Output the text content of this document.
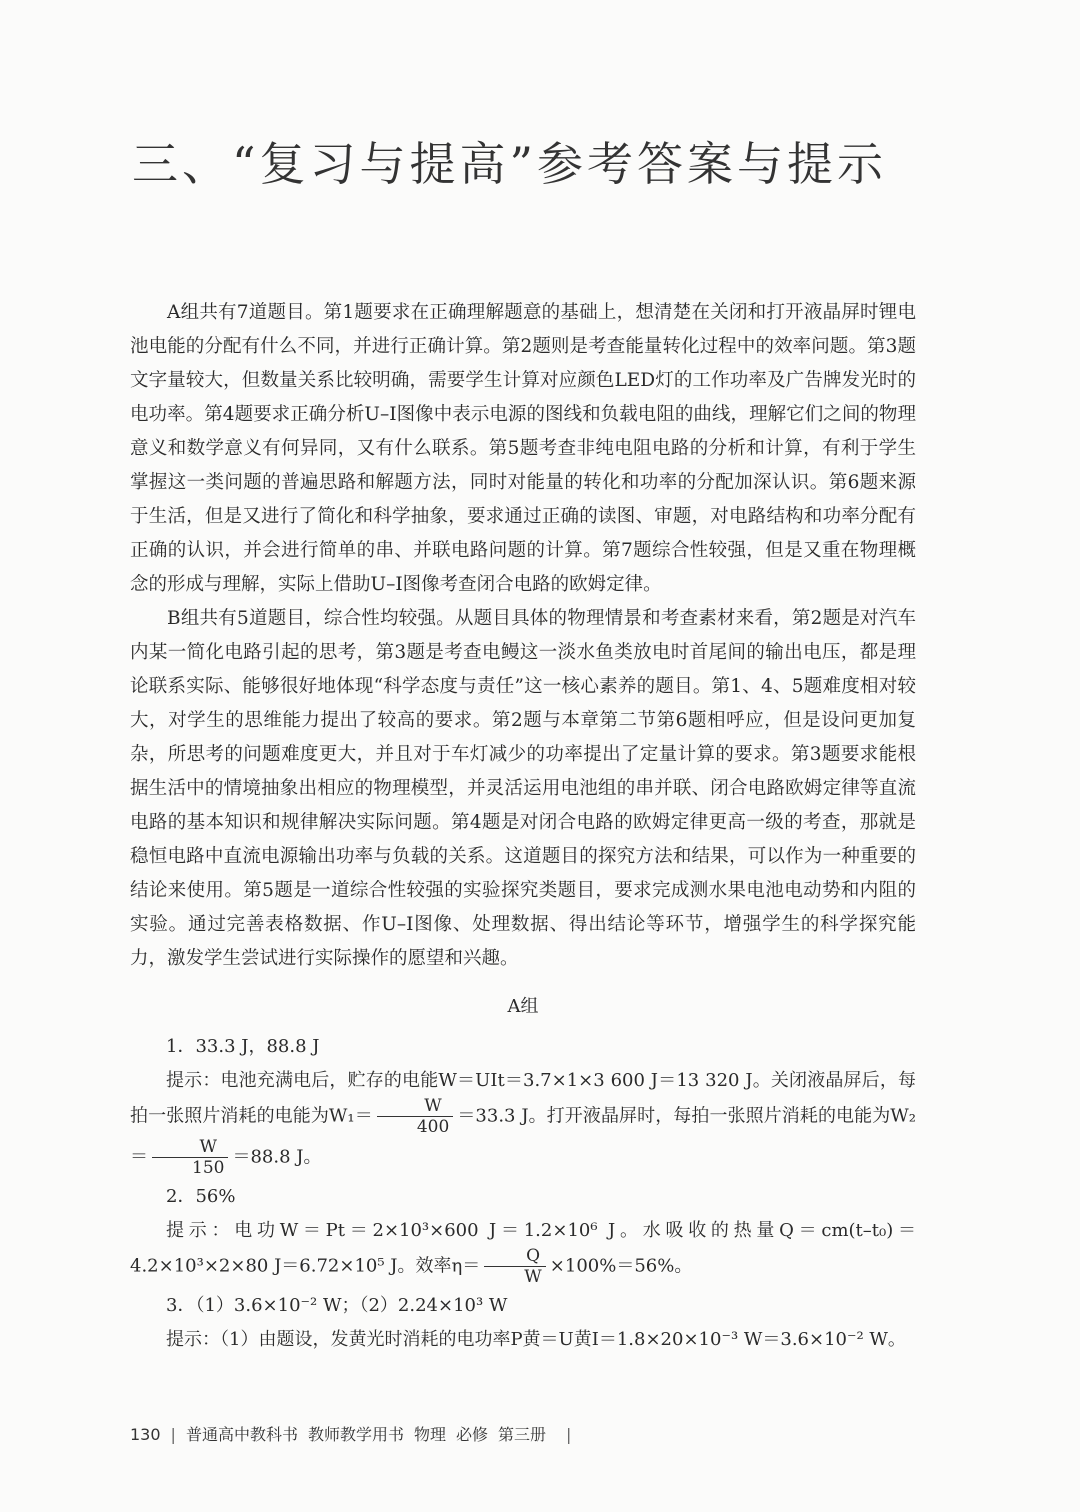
三、“复习与提高”参考答案与提示

A组共有7道题目。第1题要求在正确理解题意的基础上，想清楚在关闭和打开液晶屏时锂电池电能的分配有什么不同，并进行正确计算。第2题则是考查能量转化过程中的效率问题。第3题文字量较大，但数量关系比较明确，需要学生计算对应颜色LED灯的工作功率及广告牌发光时的电功率。第4题要求正确分析U–I图像中表示电源的图线和负载电阻的曲线，理解它们之间的物理意义和数学意义有何异同，又有什么联系。第5题考查非纯电阻电路的分析和计算，有利于学生掌握这一类问题的普遍思路和解题方法，同时对能量的转化和功率的分配加深认识。第6题来源于生活，但是又进行了简化和科学抽象，要求通过正确的读图、审题，对电路结构和功率分配有正确的认识，并会进行简单的串、并联电路问题的计算。第7题综合性较强，但是又重在物理概念的形成与理解，实际上借助U–I图像考查闭合电路的欧姆定律。

B组共有5道题目，综合性均较强。从题目具体的物理情景和考查素材来看，第2题是对汽车内某一简化电路引起的思考，第3题是考查电鳗这一淡水鱼类放电时首尾间的输出电压，都是理论联系实际、能够很好地体现“科学态度与责任”这一核心素养的题目。第1、4、5题难度相对较大，对学生的思维能力提出了较高的要求。第2题与本章第二节第6题相呼应，但是设问更加复杂，所思考的问题难度更大，并且对于车灯减少的功率提出了定量计算的要求。第3题要求能根据生活中的情境抽象出相应的物理模型，并灵活运用电池组的串并联、闭合电路欧姆定律等直流电路的基本知识和规律解决实际问题。第4题是对闭合电路的欧姆定律更高一级的考查，那就是稳恒电路中直流电源输出功率与负载的关系。这道题目的探究方法和结果，可以作为一种重要的结论来使用。第5题是一道综合性较强的实验探究类题目，要求完成测水果电池电动势和内阻的实验。通过完善表格数据、作U–I图像、处理数据、得出结论等环节，增强学生的科学探究能力，激发学生尝试进行实际操作的愿望和兴趣。

A组
1．33.3 J，88.8 J
提示：电池充满电后，贮存的电能W＝UIt＝3.7×1×3 600 J＝13 320 J。关闭液晶屏后，每拍一张照片消耗的电能为$W_1= \frac{W}{400} =33.3$ J。打开液晶屏时，每拍一张照片消耗的电能为$W_2= \frac{W}{150} =88.8$ J。
2．56%
提示：电功W＝Pt＝2×10³×600 J＝1.2×10⁶ J。水吸收的热量Q＝cm(t–t₀)＝4.2×10³×2×80 J＝6.72×10⁵ J。效率$\eta= \frac{Q}{W} \times 100\%=56\%$。
3．（1）3.6×10⁻² W；（2）2.24×10³ W
提示：（1）由题设，发黄光时消耗的电功率P黄＝U黄I＝1.8×20×10⁻³ W＝3.6×10⁻² W。
130 | 普通高中教科书 教师教学用书 物理 必修 第三册 |
